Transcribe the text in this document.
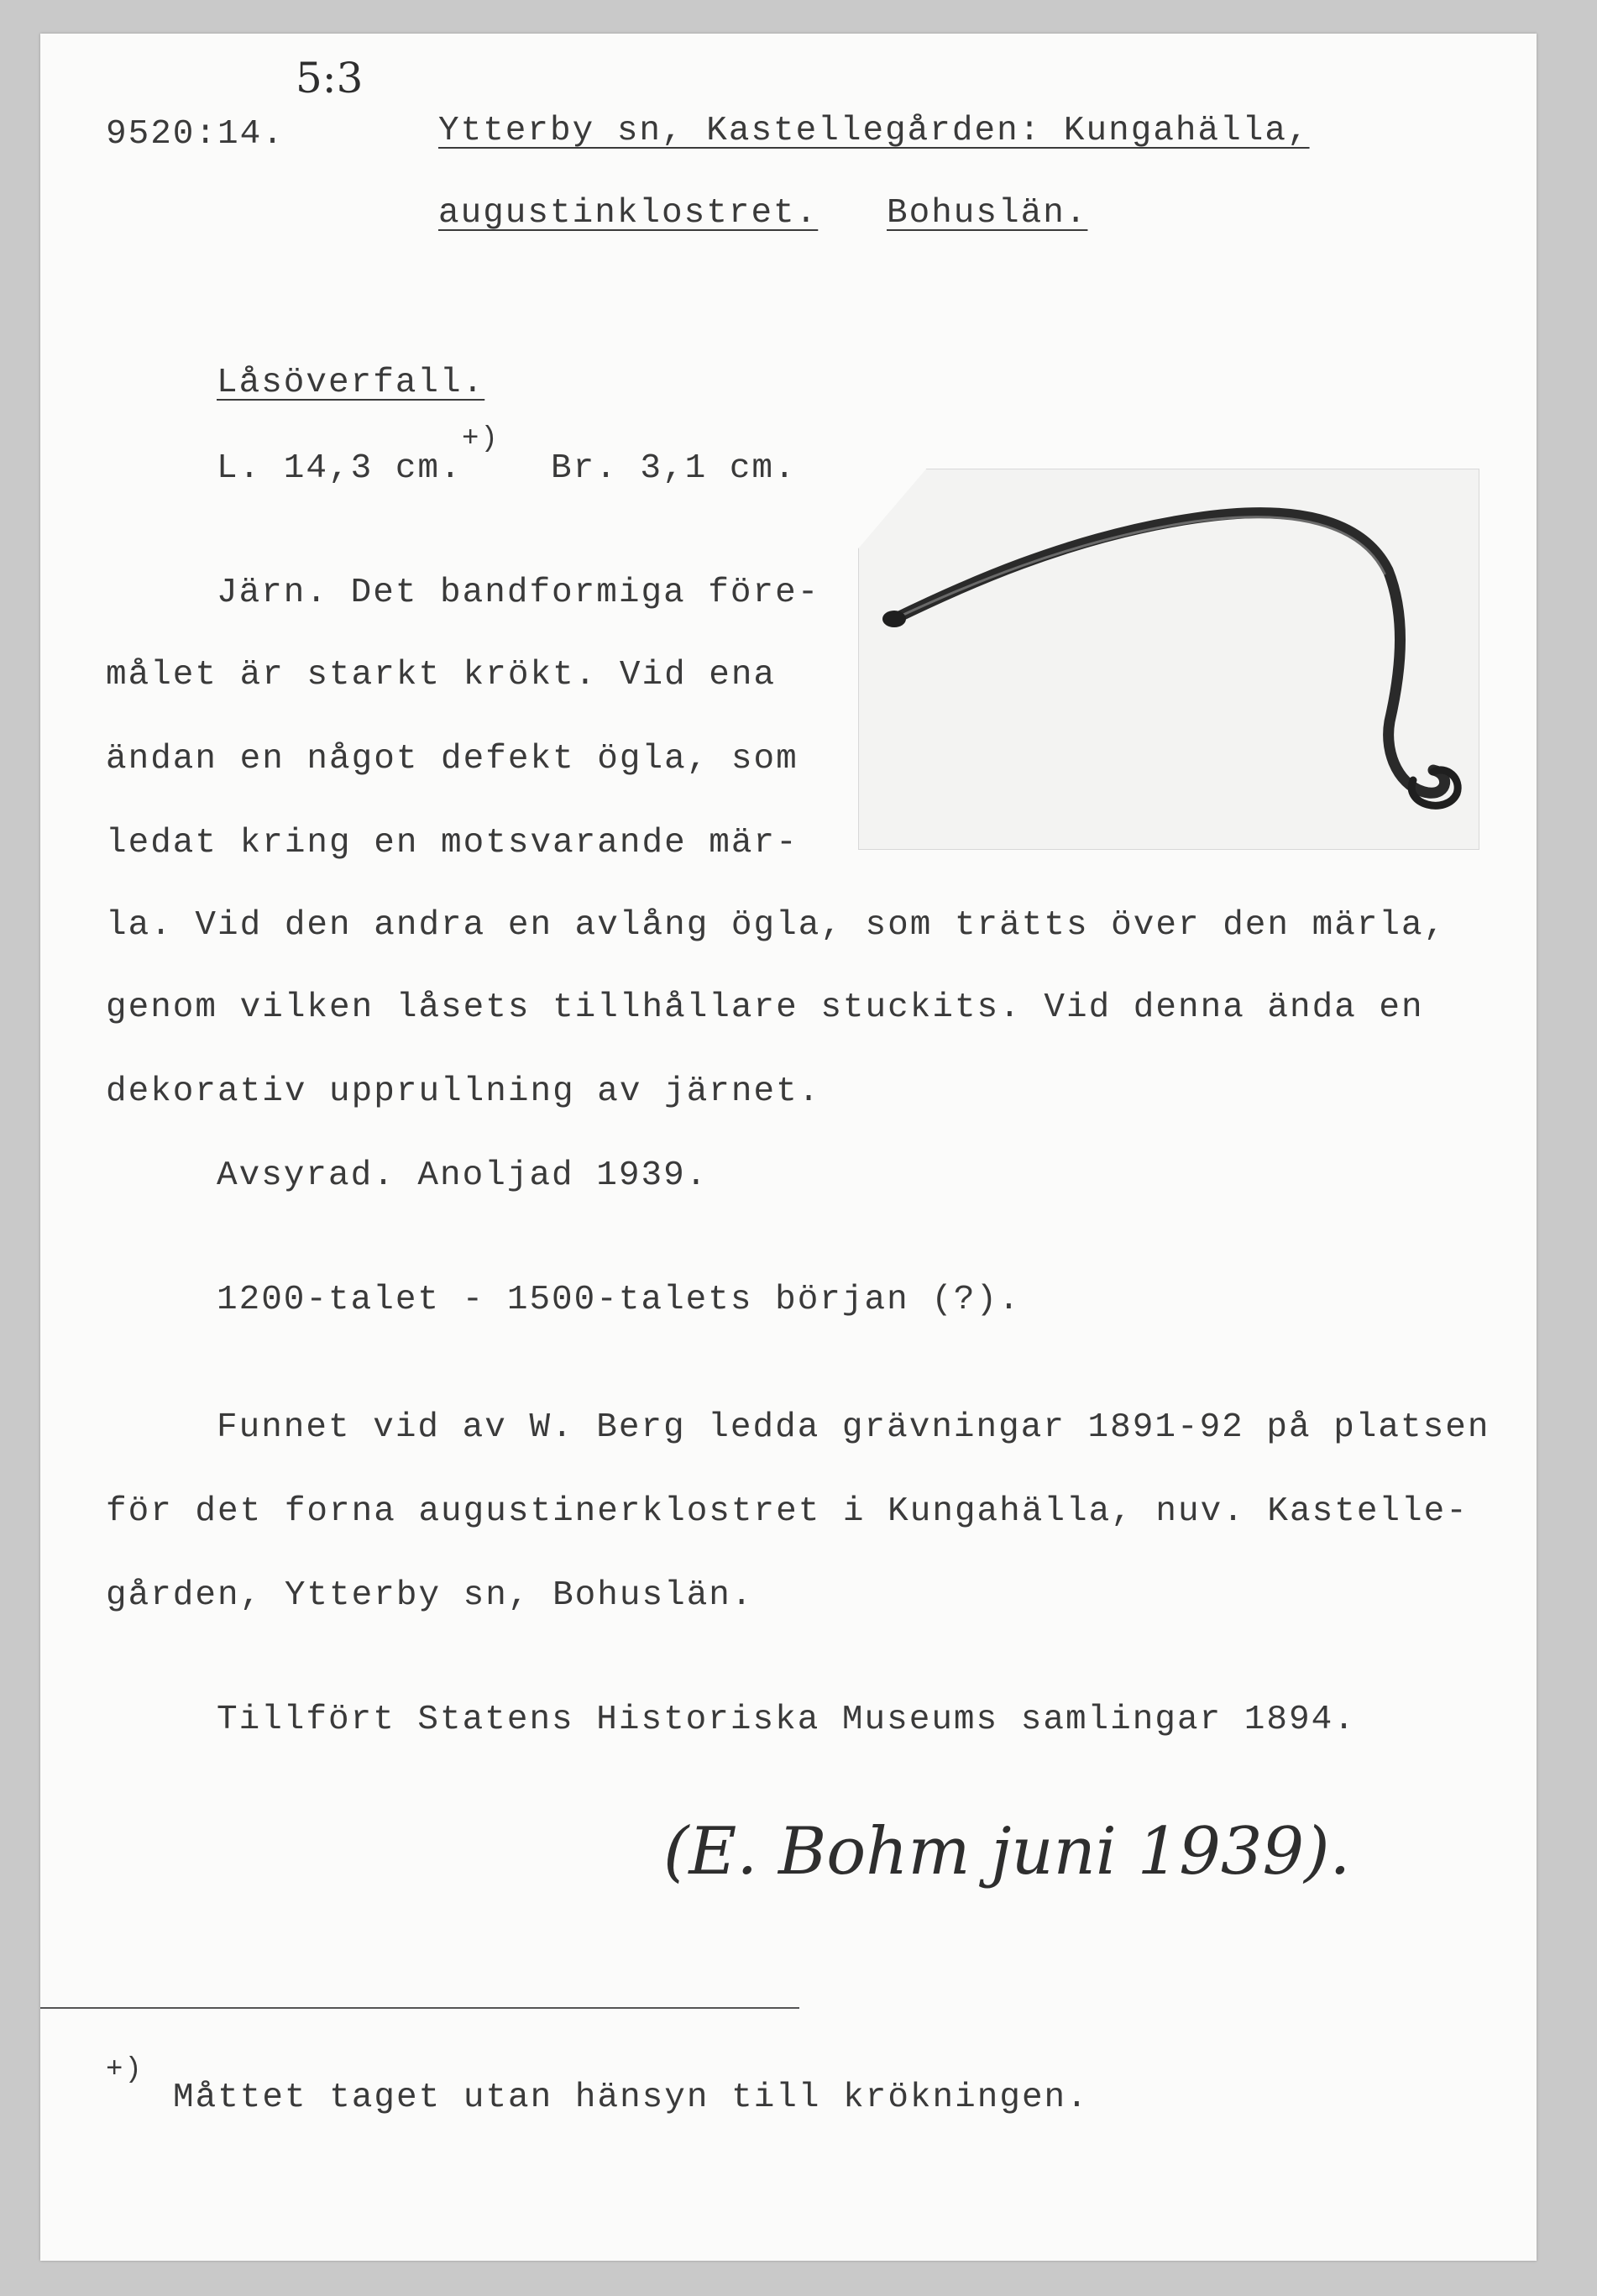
5:3
9520:14.	Ytterby sn, Kastellegården: Kungahälla,
augustinklostret. Bohuslän.
Låsöverfall.
L. 14,3 cm.
+)
Br. 3,1 cm.
Järn. Det bandformiga före-
målet är starkt krökt. Vid ena
ändan en något defekt ögla, som
ledat kring en motsvarande mär-
la. Vid den andra en avlång ögla, som trätts över den märla,
genom vilken låsets tillhållare stuckits. Vid denna ända en
dekorativ upprullning av järnet.
Avsyrad. Anoljad 1939.
1200-talet - 1500-talets början (?).
Funnet vid av W. Berg ledda grävningar 1891-92 på platsen
för det forna augustinerklostret i Kungahälla, nuv. Kastelle-
gården, Ytterby sn, Bohuslän.
Tillfört Statens Historiska Museums samlingar 1894.
(E. Bohm juni 1939).
+)
Måttet taget utan hänsyn till krökningen.
